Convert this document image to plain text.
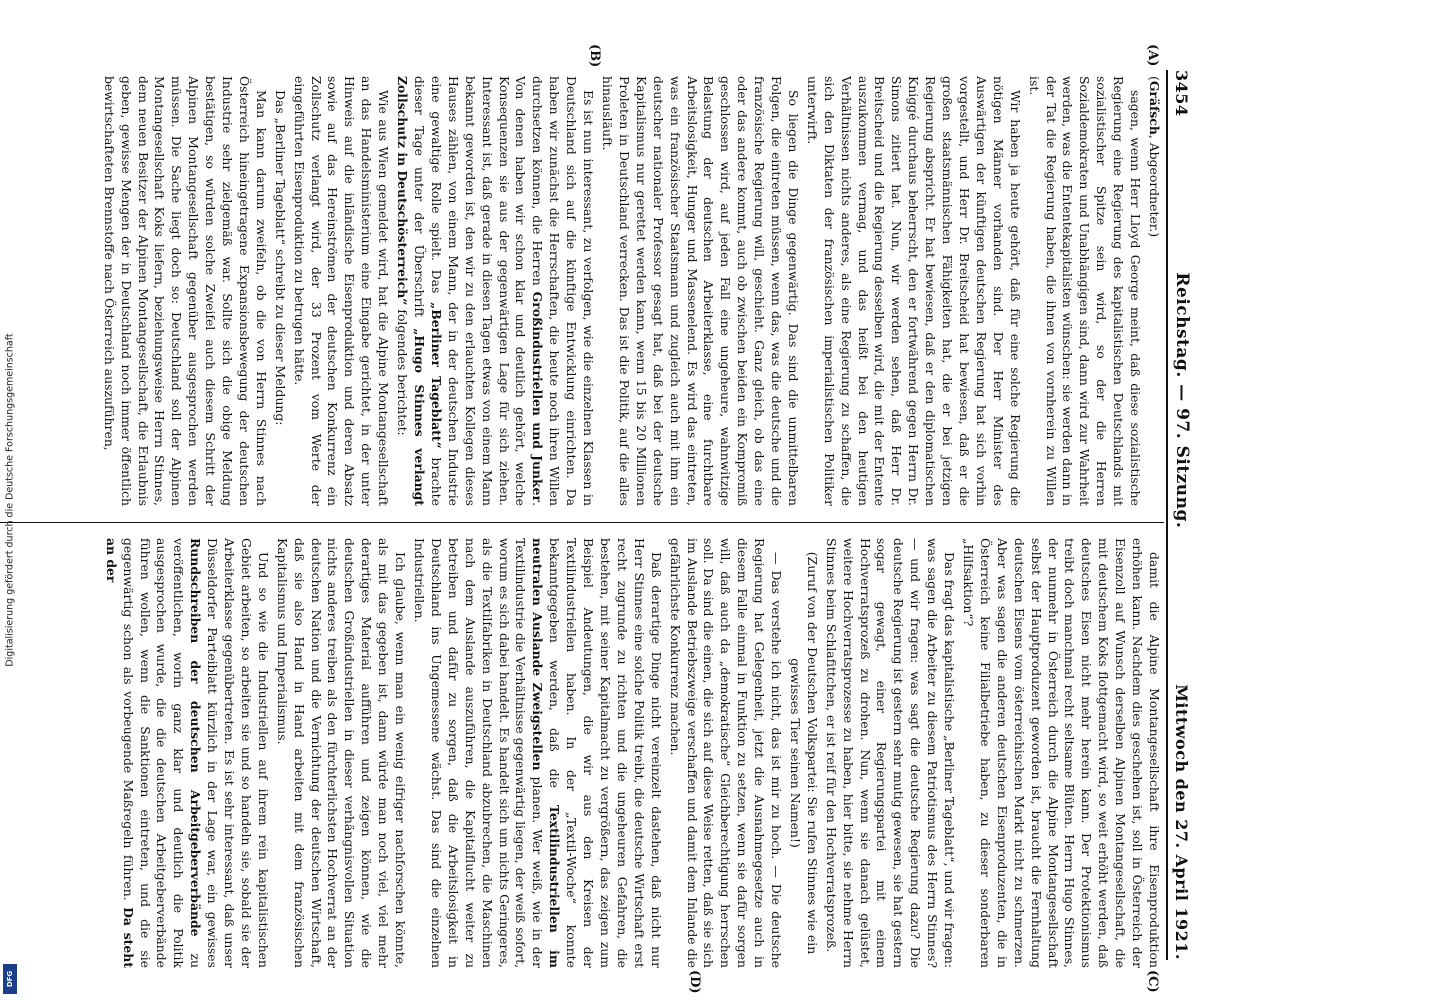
3454
Reichstag. — 97. Sitzung.
Mittwoch den 27. April 1921.
(A)
(B)
(C)
(D)

(Gräfsch, Abgeordneter.)

sagen, wenn Herr Lloyd George meint, daß diese sozialistische Regierung eine Regierung des kapitalistischen Deutschlands mit sozialistischer Spitze sein wird, so der die Herren Sozialdemokraten und Unabhängigen sind, dann wird zur Wahrheit werden, was die Ententekapitalisten wünschen: sie werden dann in der Tat die Regierung haben, die ihnen von vornherein zu Willen ist.

Wir haben ja heute gehört, daß für eine solche Regierung die nötigen Männer vorhanden sind. Der Herr Minister des Auswärtigen der künftigen deutschen Regierung hat sich vorhin vorgestellt, und Herr Dr. Breitscheid hat bewiesen, daß er die großen staatsmännischen Fähigkeiten hat, die er bei jetzigen Regierung abspricht. Er hat bewiesen, daß er den diplomatischen Kniggé durchaus beherrscht, den er fortwährend gegen Herrn Dr. Simons zitiert hat. Nun, wir werden sehen, daß Herr Dr. Breitscheid und die Regierung desselben wird, die mit der Entente auszukommen vermag, und das heißt bei den heutigen Verhältnissen nichts anderes, als eine Regierung zu schaffen, die sich den Diktaten der französischen imperialistischen Politiker unterwirft.

So liegen die Dinge gegenwärtig. Das sind die unmittelbaren Folgen, die eintreten müssen, wenn das, was die deutsche und die französische Regierung will, geschieht. Ganz gleich, ob das eine oder das andere kommt, auch ob zwischen beiden ein Kompromiß geschlossen wird, auf jeden Fall eine ungeheure, wahnwitzige Belastung der deutschen Arbeiterklasse, eine furchtbare Arbeitslosigkeit, Hunger und Massenelend. Es wird das eintreten, was ein französischer Staatsmann und zugleich auch mit ihm ein deutscher nationaler Professor gesagt hat, daß bei der deutsche Kapitalismus nur gerettet werden kann, wenn 15 bis 20 Millionen Proleten in Deutschland verrecken. Das ist die Politik, auf die alles hinausläuft.

Es ist nun interessant, zu verfolgen, wie die einzelnen Klassen in Deutschland sich auf die künftige Entwicklung einrichten. Da haben wir zunächst die Herrschaften, die heute noch ihren Willen durchsetzen können, die Herren Großindustriellen und Junker. Von denen haben wir schon klar und deutlich gehört, welche Konsequenzen sie aus der gegenwärtigen Lage für sich ziehen. Interessant ist, daß gerade in diesen Tagen etwas von einem Mann bekannt geworden ist, den wir zu den erlauchten Kollegen dieses Hauses zählen, von einem Mann, der in der deutschen Industrie eine gewaltige Rolle spielt. Das „Berliner Tageblatt“ brachte dieser Tage unter der Überschrift „Hugo Stinnes verlangt Zollschutz in Deutschösterreich“ folgendes berichtet:

Wie aus Wien gemeldet wird, hat die Alpine Montangesellschaft an das Handelsministerium eine Eingabe gerichtet, in der unter Hinweis auf die inländische Eisenproduktion und deren Absatz sowie auf das Hereinströmen der deutschen Konkurrenz ein Zollschutz verlangt wird, der 33 Prozent vom Werte der eingeführten Eisenproduktion zu betrugen hätte.

Das „Berliner Tageblatt“ schreibt zu dieser Meldung:

Man kann darum zweifeln, ob die von Herrn Stinnes nach Österreich hineingetragene Expansionsbewegung der deutschen Industrie sehr zielgemäß war. Sollte sich die obige Meldung bestätigen, so würden solche Zweifel auch diesem Schritt der Alpinen Montangesellschaft gegenüber ausgesprochen werden müssen. Die Sache liegt doch so: Deutschland soll der Alpinen Montangesellschaft Koks liefern, beziehungsweise Herrn Stinnes, dem neuen Besitzer der Alpinen Montangesellschaft, die Erlaubnis geben, gewisse Mengen der in Deutschland noch immer öffentlich bewirtschafteten Brennstoffe nach Österreich auszuführen,

damit die Alpine Montangesellschaft ihre Eisenproduktion erhöhen kann. Nachdem dies geschehen ist, soll in Österreich der Eisenzoll auf Wunsch derselben Alpinen Montangesellschaft, die mit deutschem Koks flottgemacht wird, so weit erhöht werden, daß deutsches Eisen nicht mehr herein kann. Der Protektionismus treibt doch manchmal recht seltsame Blüten. Herrn Hugo Stinnes, der nunmehr in Österreich durch die Alpine Montangesellschaft selbst der Hauptproduzent geworden ist, braucht die Fernhaltung deutschen Eisens vom österreichischen Markt nicht zu schmerzen. Aber was sagen die anderen deutschen Eisenproduzenten, die in Österreich keine Filialbetriebe haben, zu dieser sonderbaren „Hilfsaktion“?

Das fragt das kapitalistische „Berliner Tageblatt“, und wir fragen: was sagen die Arbeiter zu diesem Patriotismus des Herrn Stinnes? — und wir fragen: was sagt die deutsche Regierung dazu? Die deutsche Regierung ist gestern sehr mutig gewesen, sie hat gestern sogar gewagt, einer Regierungspartei mit einem Hochverratsprozeß zu drohen. Nun, wenn sie danach gelüstet, weitere Hochverratsprozesse zu haben, hier bitte, sie nehme Herrn Stinnes beim Schlafittchen, er ist reif für den Hochverratsprozeß.

(Zuruf von der Deutschen Volkspartei: Sie rufen Stinnes wie ein gewisses Tier seinen Namen!)

— Das verstehe ich nicht, das ist mir zu hoch. — Die deutsche Regierung hat Gelegenheit, jetzt die Ausnahmegesetze auch in diesem Falle einmal in Funktion zu setzen, wenn sie dafür sorgen will, daß auch da „demokratische“ Gleichberechtigung herrschen soll. Da sind die einen, die sich auf diese Weise retten, daß sie sich im Auslande Betriebszweige verschaffen und damit dem Inlande die gefährlichste Konkurrenz machen.

Daß derartige Dinge nicht vereinzelt dastehen, daß nicht nur Herr Stinnes eine solche Politik treibt, die deutsche Wirtschaft erst recht zugrunde zu richten und die ungeheuren Gefahren, die bestehen, mit seiner Kapitalmacht zu vergrößern, das zeigen zum Beispiel Andeutungen, die wir aus den Kreisen der Textilindustriellen haben. In der „Textil-Woche“ konnte bekanntgegeben werden, daß die Textilindustriellen im neutralen Auslande Zweigstellen planen. Wer weiß, wie in der Textilindustrie die Verhältnisse gegenwärtig liegen, der weiß sofort, worum es sich dabei handelt. Es handelt sich um nichts Geringeres, als die Textilfabriken in Deutschland abzubrechen, die Maschinen nach dem Auslande auszuführen, die Kapitalflucht weiter zu betreiben und dafür zu sorgen, daß die Arbeitslosigkeit in Deutschland ins Ungemessene wächst. Das sind die einzelnen Industriellen.

Ich glaube, wenn man ein wenig eifriger nachforschen könnte, als mit das gegeben ist, dann würde man noch viel, viel mehr derartiges Material aufführen und zeigen können, wie die deutschen Großindustriellen in dieser verhängnisvollen Situation nichts anderes treiben als den fürchterlichsten Hochverrat an der deutschen Nation und die Vernichtung der deutschen Wirtschaft, daß sie also Hand in Hand arbeiten mit dem französischen Kapitalismus und Imperialismus.

Und so wie die Industriellen auf ihrem rein kapitalistischen Gebiet arbeiten, so arbeiten sie und so handeln sie, sobald sie der Arbeiterklasse gegenübertreten. Es ist sehr interessant, daß unser Düsseldorfer Parteiblatt kürzlich in der Lage war, ein gewisses Rundschreiben der deutschen Arbeitgeberverbände zu veröffentlichen, worin ganz klar und deutlich die Politik ausgesprochen wurde, die die deutschen Arbeitgeberverbände führen wollen, wenn die Sanktionen eintreten, und die sie gegenwärtig schon als vorbeugende Maßregeln führen. Da steht an der

Digitalisierung gefördert durch die Deutsche Forschungsgemeinschaft
DFG
